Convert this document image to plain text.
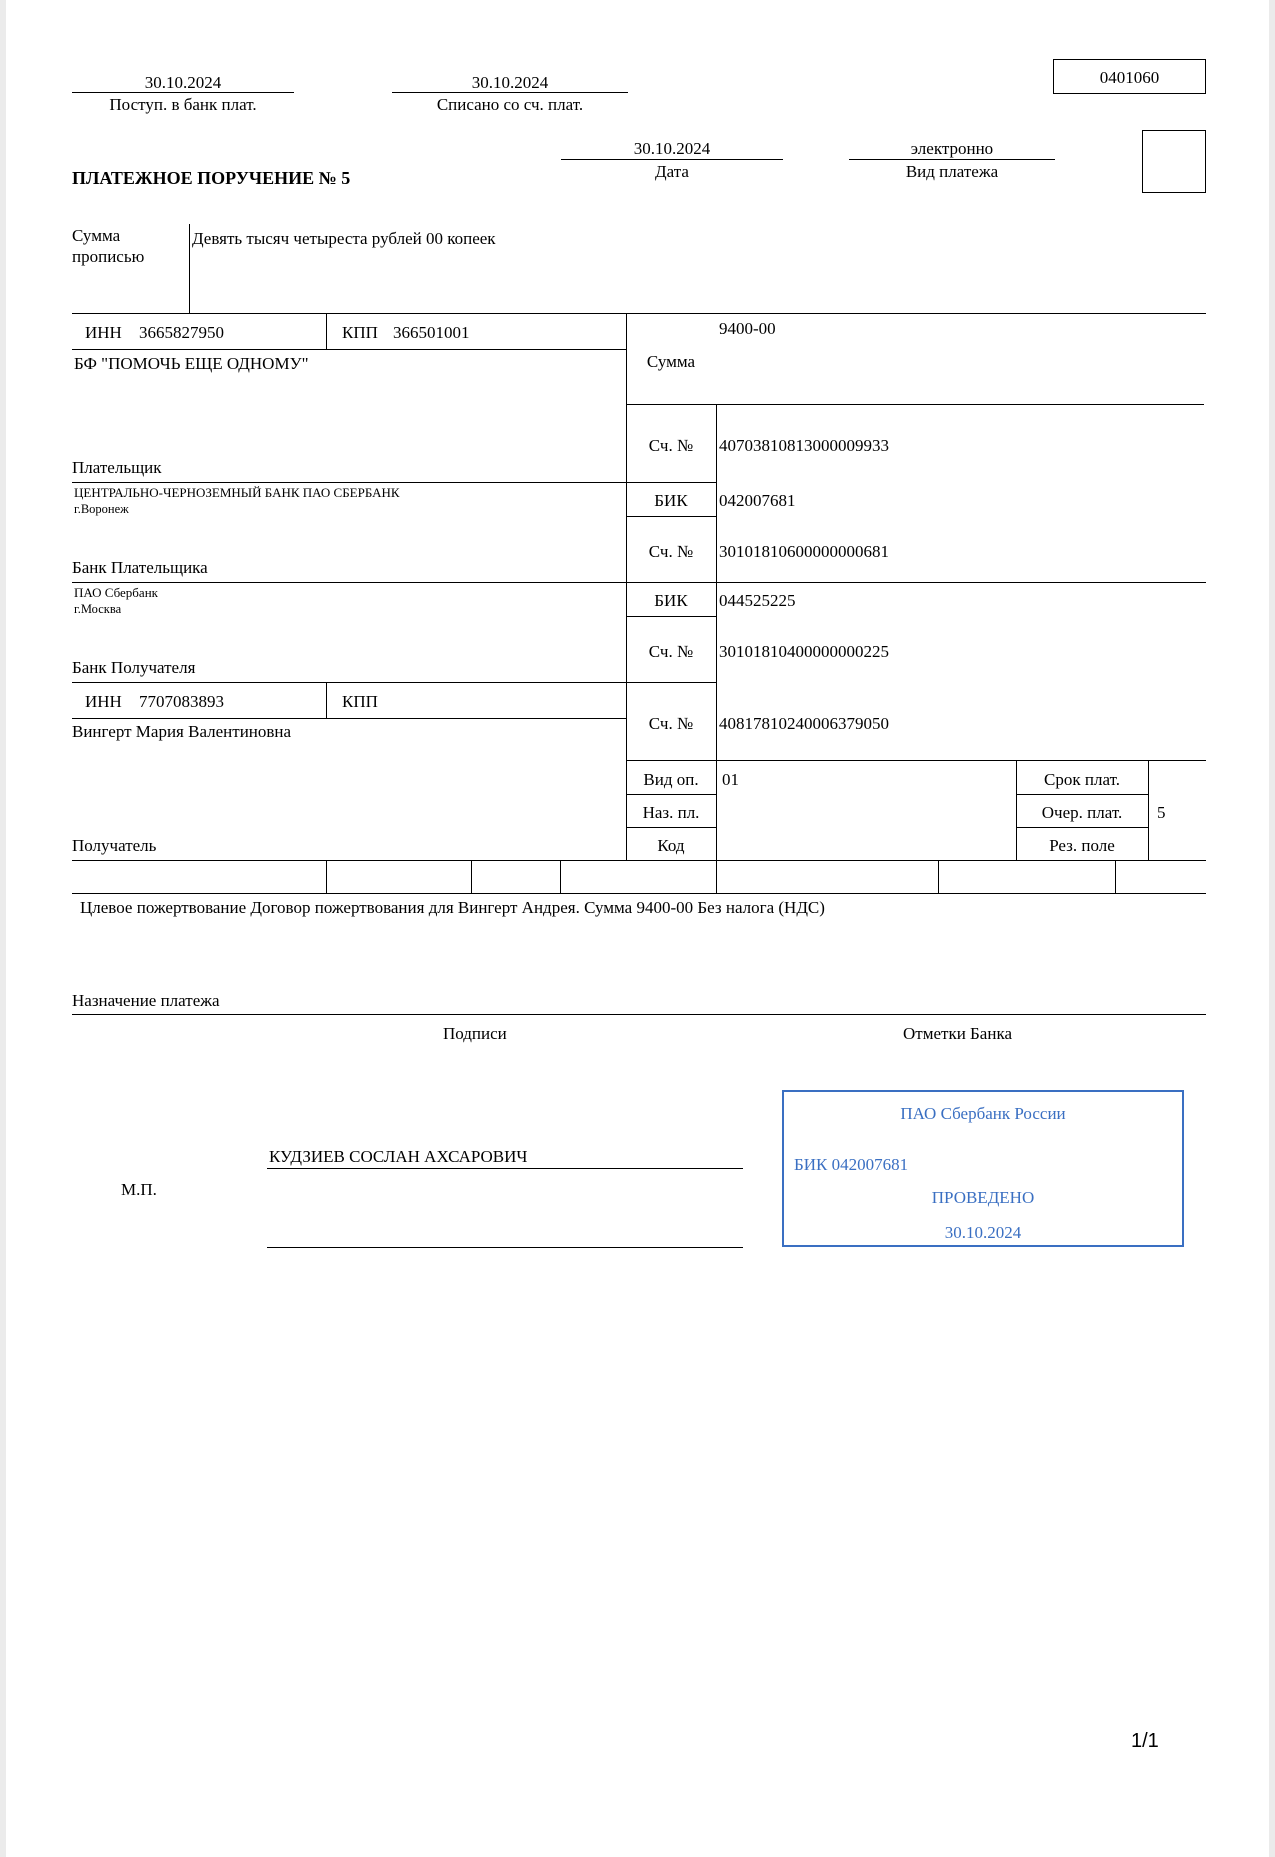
30.10.2024
Поступ. в банк плат.
30.10.2024
Списано со сч. плат.
0401060
ПЛАТЕЖНОЕ ПОРУЧЕНИЕ № 5
30.10.2024
Дата
электронно
Вид платежа
Сумма
прописью
Девять тысяч четыреста рублей 00 копеек
ИНН 3665827950	КПП 366501001
БФ "ПОМОЧЬ ЕЩЕ ОДНОМУ"
Плательщик
Сумма
9400-00
Сч. №	40703810813000009933
ЦЕНТРАЛЬНО-ЧЕРНОЗЕМНЫЙ БАНК ПАО СБЕРБАНК
г.Воронеж
Банк Плательщика
БИК	042007681
Сч. №	30101810600000000681
ПАО Сбербанк
г.Москва
Банк Получателя
БИК	044525225
Сч. №	30101810400000000225
ИНН 7707083893	КПП
Вингерт Мария Валентиновна
Получатель
Сч. №	40817810240006379050
Вид оп.	01
Наз. пл.
Код
Срок плат.
Очер. плат.	5
Рез. поле
Цлевое пожертвование Договор пожертвования для Вингерт Андрея. Сумма 9400-00 Без налога (НДС)
Назначение платежа
Подписи	Отметки Банка
М.П.
КУДЗИЕВ СОСЛАН АХСАРОВИЧ
ПАО Сбербанк России
БИК 042007681
ПРОВЕДЕНО
30.10.2024
1/1
